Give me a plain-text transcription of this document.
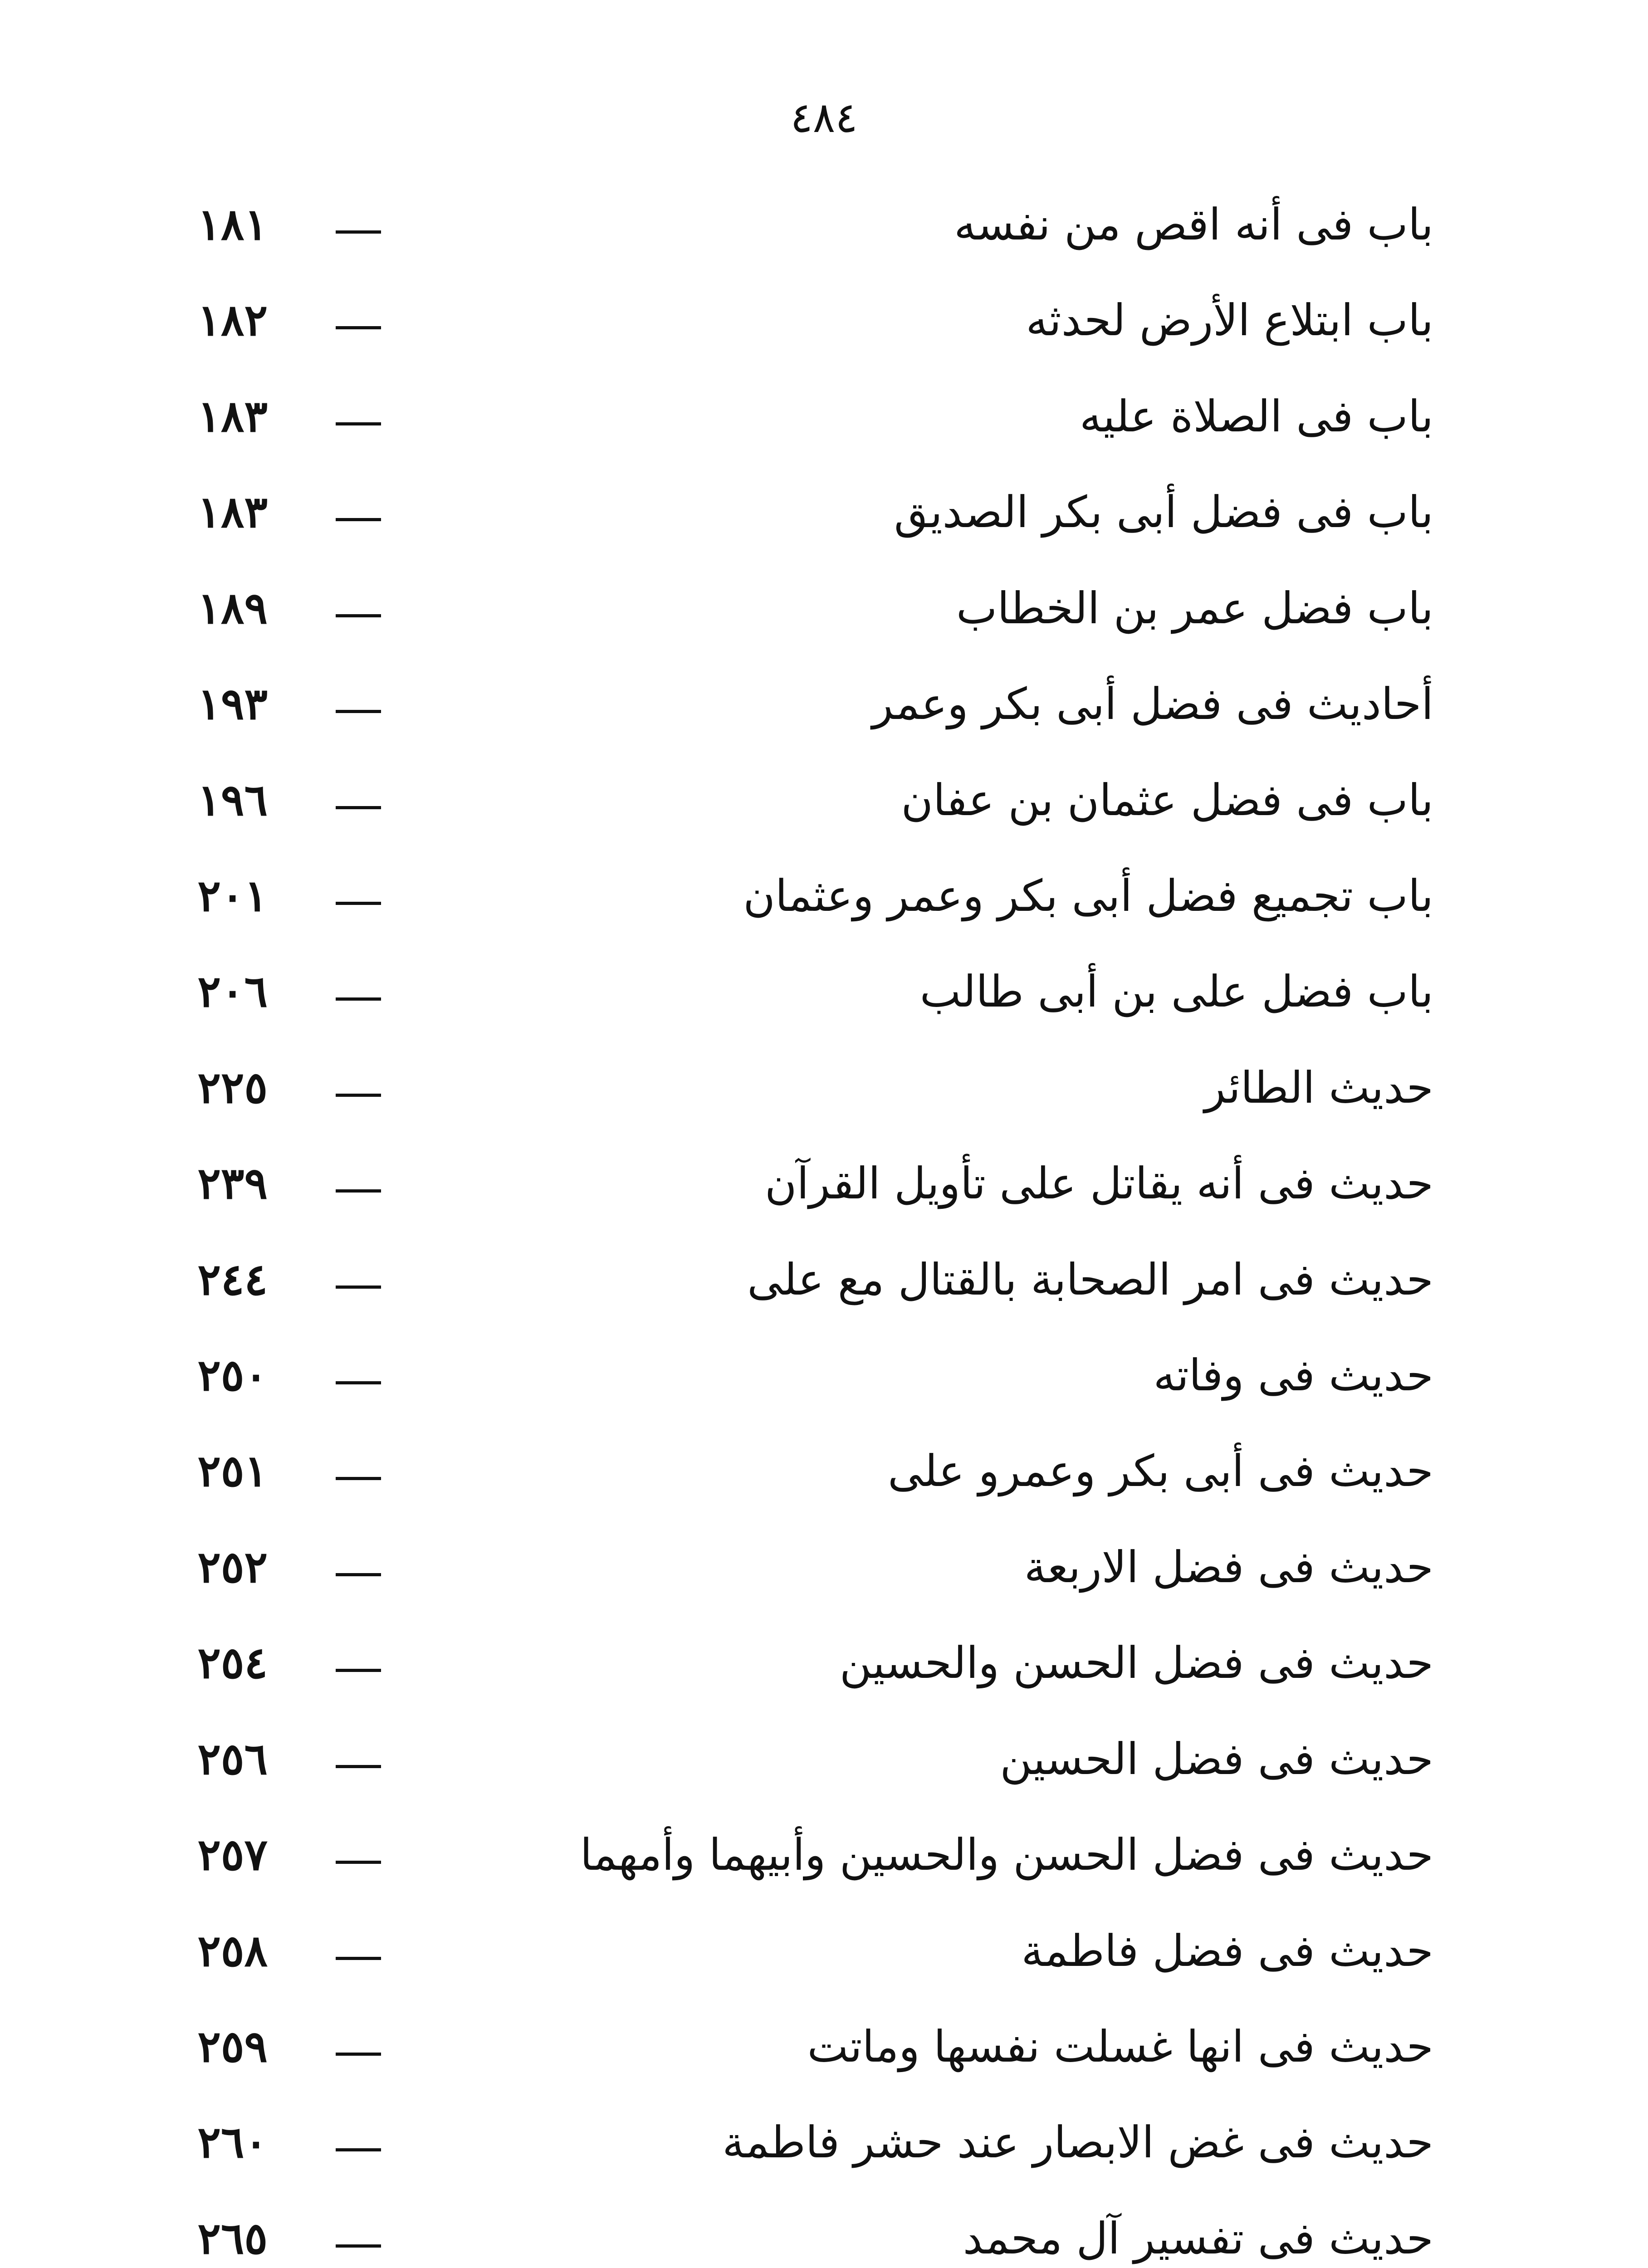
٤٨٤
باب فى أنه اقص من نفسه
١٨١
باب ابتلاع الأرض لحدثه
١٨٢
باب فى الصلاة عليه
١٨٣
باب فى فضل أبى بكر الصديق
١٨٣
باب فضل عمر بن الخطاب
١٨٩
أحاديث فى فضل أبى بكر وعمر
١٩٣
باب فى فضل عثمان بن عفان
١٩٦
باب تجميع فضل أبى بكر وعمر وعثمان
٢٠١
باب فضل على بن أبى طالب
٢٠٦
حديث الطائر
٢٢٥
حديث فى أنه يقاتل على تأويل القرآن
٢٣٩
حديث فى امر الصحابة بالقتال مع على
٢٤٤
حديث فى وفاته
٢٥٠
حديث فى أبى بكر وعمرو على
٢٥١
حديث فى فضل الاربعة
٢٥٢
حديث فى فضل الحسن والحسين
٢٥٤
حديث فى فضل الحسين
٢٥٦
حديث فى فضل الحسن والحسين وأبيهما وأمهما
٢٥٧
حديث فى فضل فاطمة
٢٥٨
حديث فى انها غسلت نفسها وماتت
٢٥٩
حديث فى غض الابصار عند حشر فاطمة
٢٦٠
حديث فى تفسير آل محمد
٢٦٥
